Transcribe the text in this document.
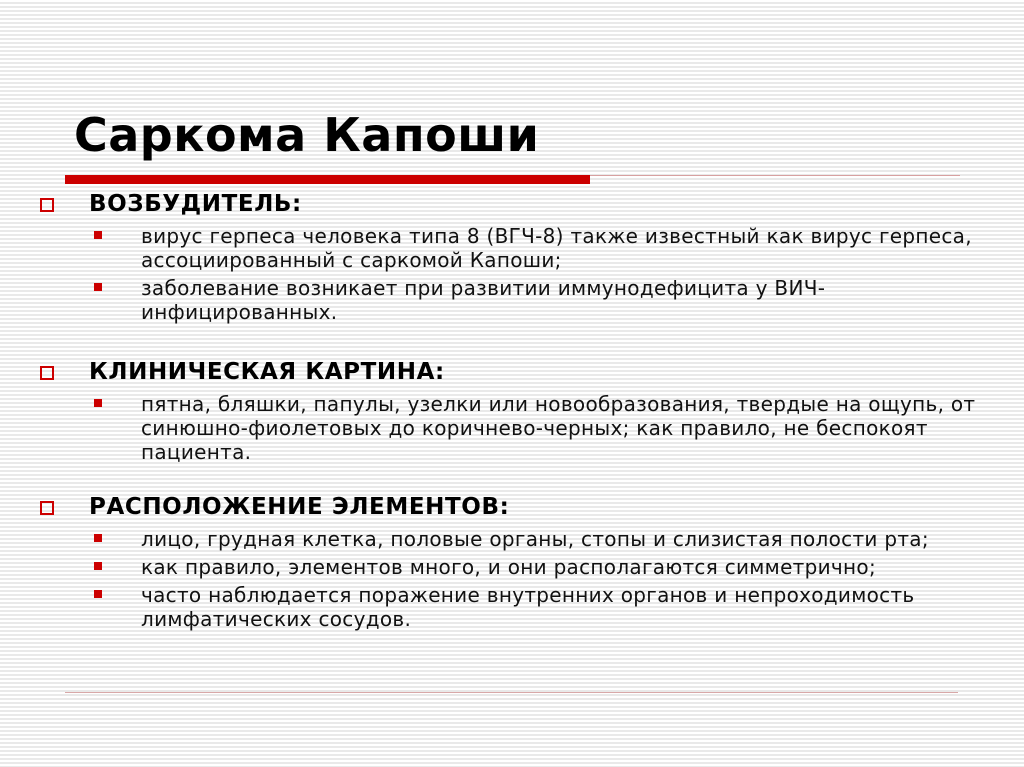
Саркома Капоши
ВОЗБУДИТЕЛЬ:
вирус герпеса человека типа 8 (ВГЧ-8) также известный как вирус герпеса, ассоциированный с саркомой Капоши;
заболевание возникает при развитии иммунодефицита у ВИЧ-инфицированных.
КЛИНИЧЕСКАЯ КАРТИНА:
пятна, бляшки, папулы, узелки или новообразования, твердые на ощупь, от синюшно-фиолетовых до коричнево-черных; как правило, не беспокоят пациента.
РАСПОЛОЖЕНИЕ ЭЛЕМЕНТОВ:
лицо, грудная клетка, половые органы, стопы и слизистая полости рта;
как правило, элементов много, и они располагаются симметрично;
часто наблюдается поражение внутренних органов и непроходимость лимфатических сосудов.
